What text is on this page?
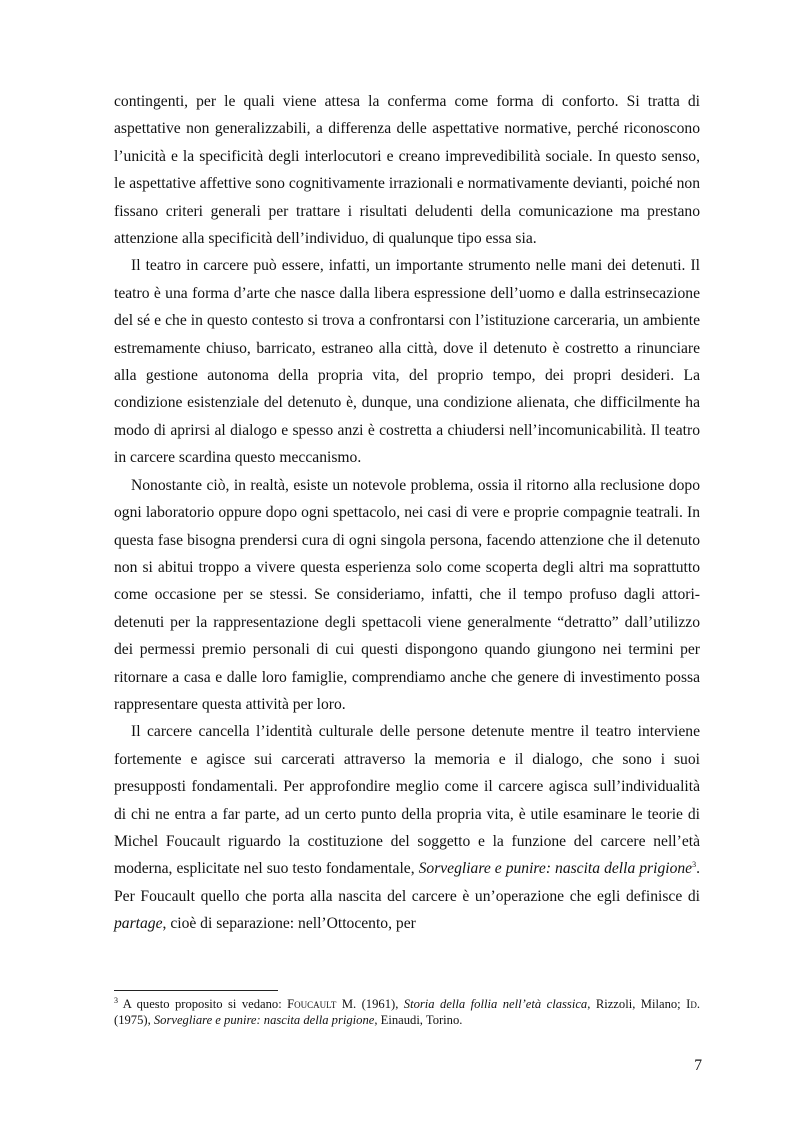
contingenti, per le quali viene attesa la conferma come forma di conforto. Si tratta di aspettative non generalizzabili, a differenza delle aspettative normative, perché riconoscono l’unicità e la specificità degli interlocutori e creano imprevedibilità sociale. In questo senso, le aspettative affettive sono cognitivamente irrazionali e normativamente devianti, poiché non fissano criteri generali per trattare i risultati deludenti della comunicazione ma prestano attenzione alla specificità dell’individuo, di qualunque tipo essa sia.

Il teatro in carcere può essere, infatti, un importante strumento nelle mani dei detenuti. Il teatro è una forma d’arte che nasce dalla libera espressione dell’uomo e dalla estrinsecazione del sé e che in questo contesto si trova a confrontarsi con l’istituzione carceraria, un ambiente estremamente chiuso, barricato, estraneo alla città, dove il detenuto è costretto a rinunciare alla gestione autonoma della propria vita, del proprio tempo, dei propri desideri. La condizione esistenziale del detenuto è, dunque, una condizione alienata, che difficilmente ha modo di aprirsi al dialogo e spesso anzi è costretta a chiudersi nell’incomunicabilità. Il teatro in carcere scardina questo meccanismo.

Nonostante ciò, in realtà, esiste un notevole problema, ossia il ritorno alla reclusione dopo ogni laboratorio oppure dopo ogni spettacolo, nei casi di vere e proprie compagnie teatrali. In questa fase bisogna prendersi cura di ogni singola persona, facendo attenzione che il detenuto non si abitui troppo a vivere questa esperienza solo come scoperta degli altri ma soprattutto come occasione per se stessi. Se consideriamo, infatti, che il tempo profuso dagli attori-detenuti per la rappresentazione degli spettacoli viene generalmente “detratto” dall’utilizzo dei permessi premio personali di cui questi dispongono quando giungono nei termini per ritornare a casa e dalle loro famiglie, comprendiamo anche che genere di investimento possa rappresentare questa attività per loro.

Il carcere cancella l’identità culturale delle persone detenute mentre il teatro interviene fortemente e agisce sui carcerati attraverso la memoria e il dialogo, che sono i suoi presupposti fondamentali. Per approfondire meglio come il carcere agisca sull’individualità di chi ne entra a far parte, ad un certo punto della propria vita, è utile esaminare le teorie di Michel Foucault riguardo la costituzione del soggetto e la funzione del carcere nell’età moderna, esplicitate nel suo testo fondamentale, Sorvegliare e punire: nascita della prigione$^3$. Per Foucault quello che porta alla nascita del carcere è un’operazione che egli definisce di partage, cioè di separazione: nell’Ottocento, per

$^3$ A questo proposito si vedano: Foucault M. (1961), Storia della follia nell’età classica, Rizzoli, Milano; Id. (1975), Sorvegliare e punire: nascita della prigione, Einaudi, Torino.

7
